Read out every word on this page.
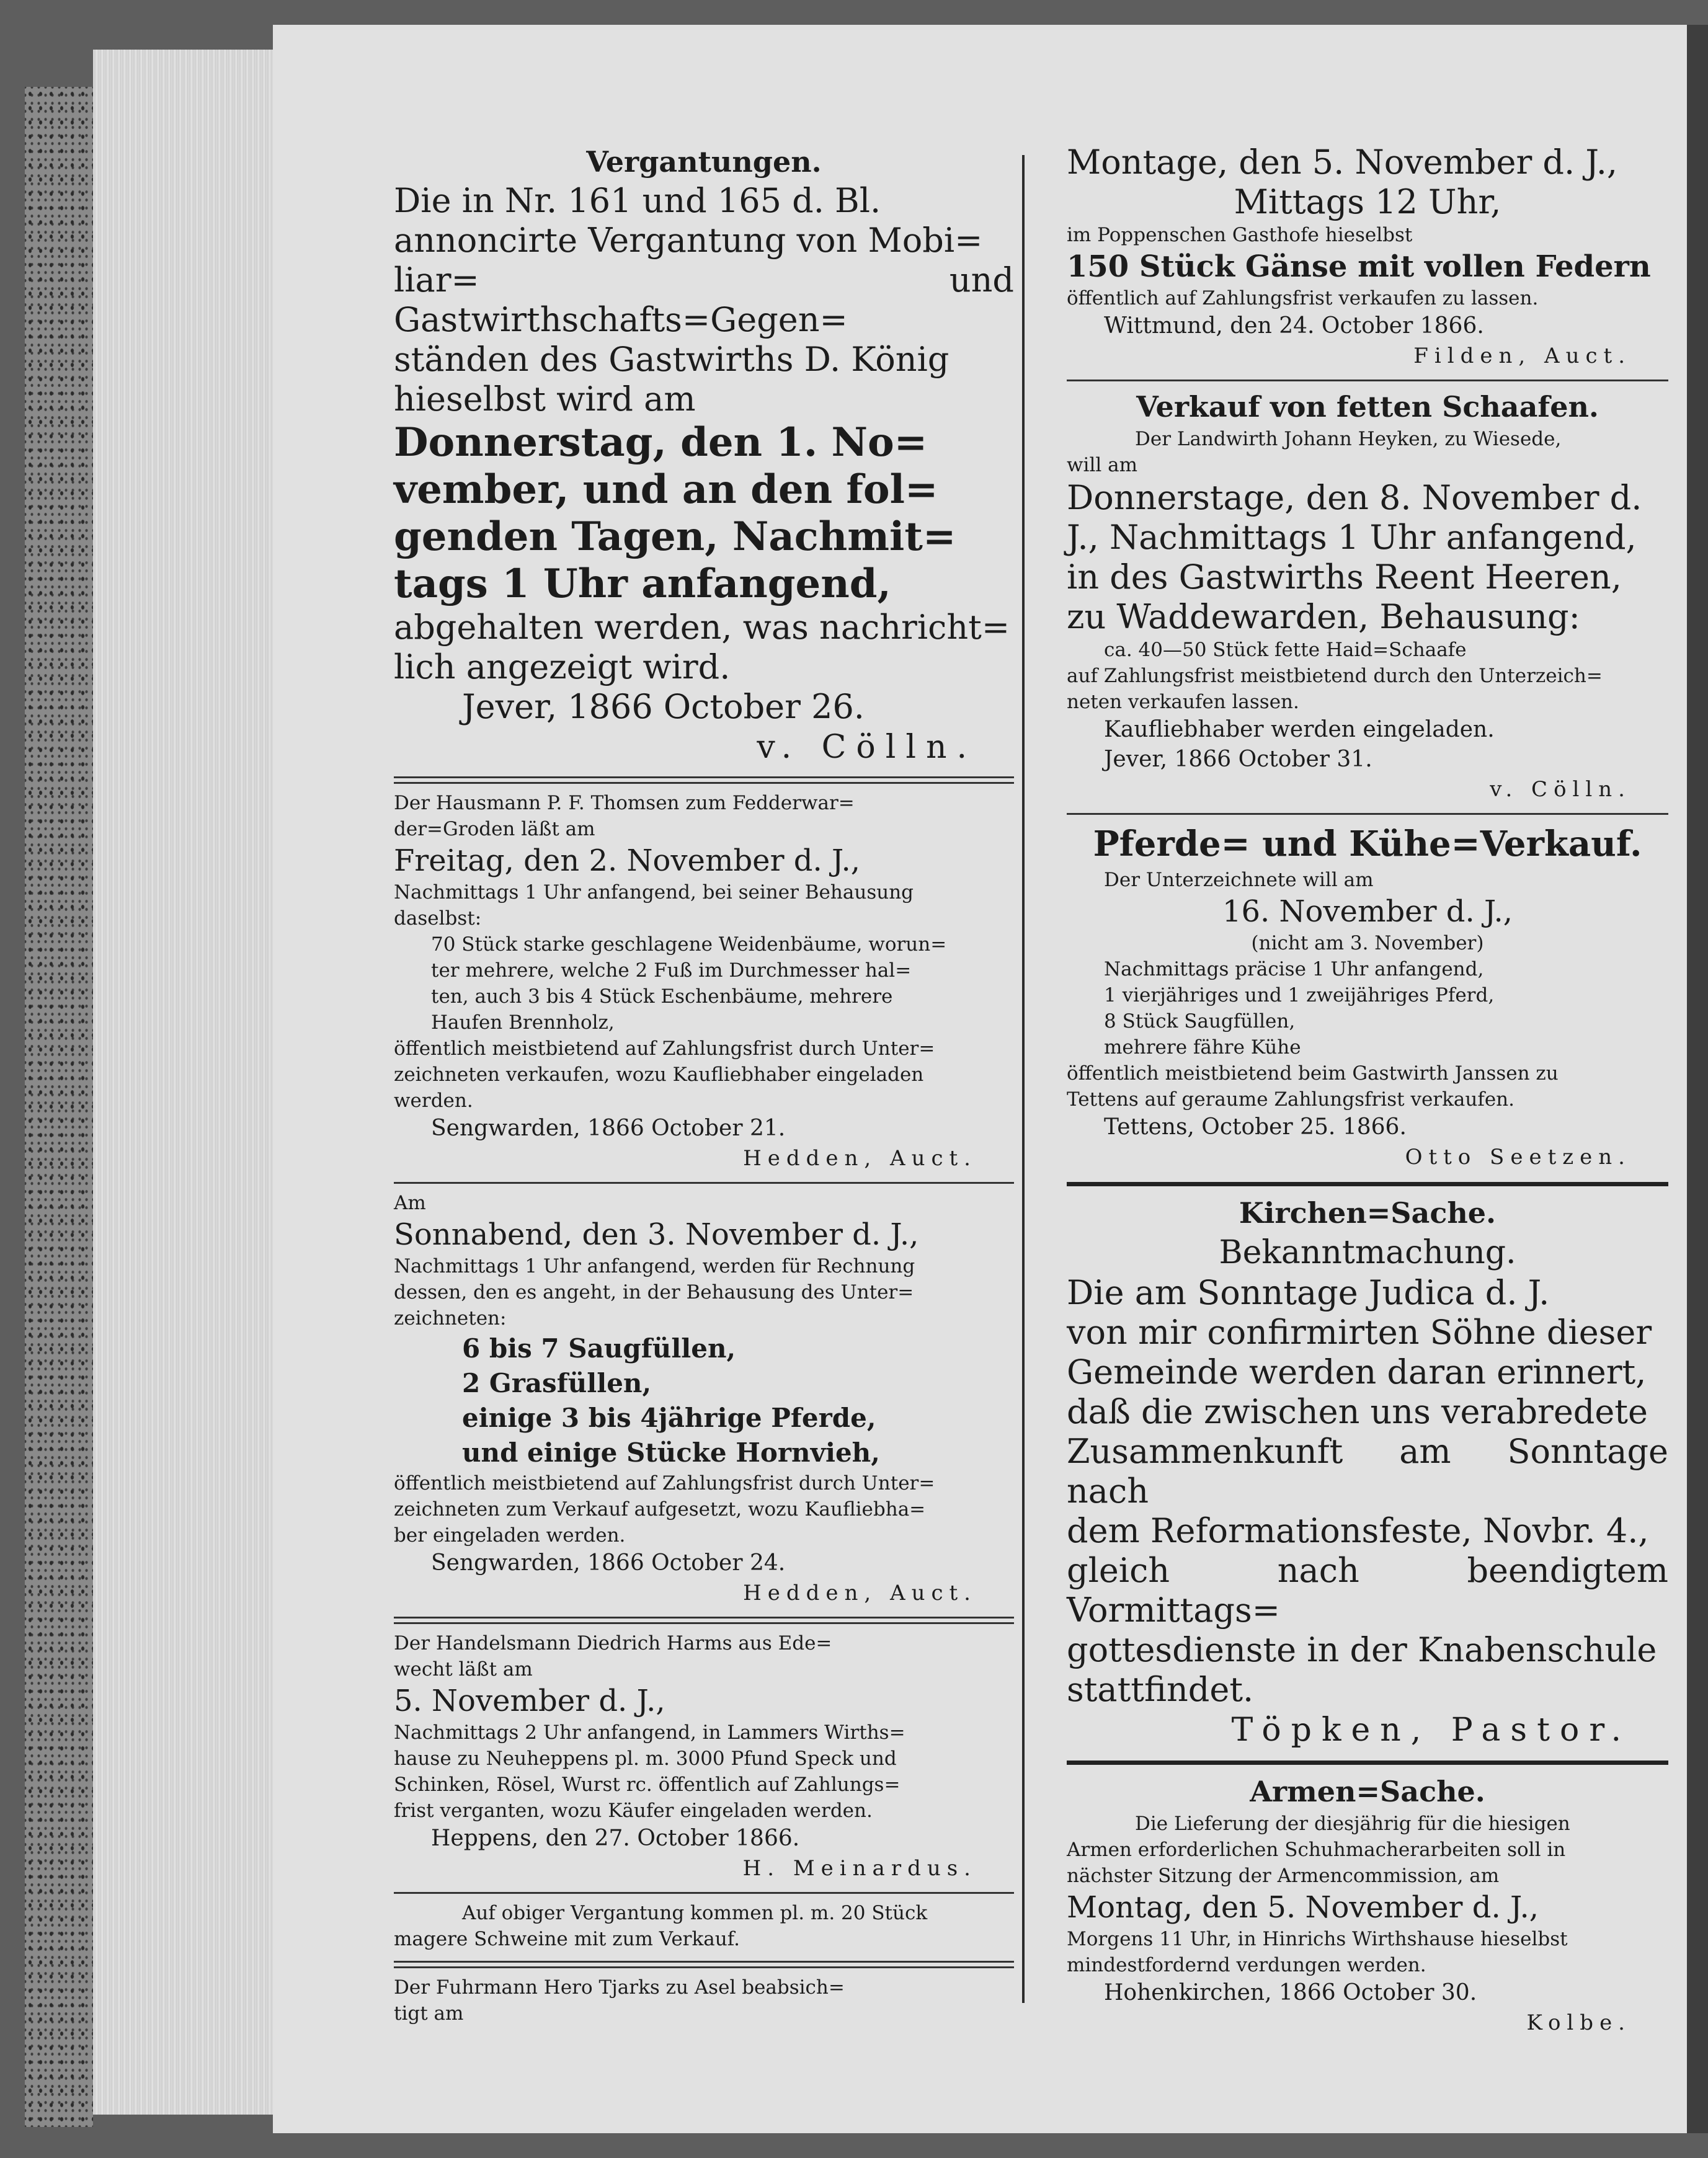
Vergantungen.

Die in Nr. 161 und 165 d. Bl.

annoncirte Vergantung von Mobi=

liar= und Gastwirthschafts=Gegen=

ständen des Gastwirths D. König

hieselbst wird am

Donnerstag, den 1. No=

vember, und an den fol=

genden Tagen, Nachmit=

tags 1 Uhr anfangend,

abgehalten werden, was nachricht=

lich angezeigt wird.

Jever, 1866 October 26.

v. Cölln.

Der Hausmann P. F. Thomsen zum Fedderwar=

der=Groden läßt am

Freitag, den 2. November d. J.,

Nachmittags 1 Uhr anfangend, bei seiner Behausung

daselbst:

70 Stück starke geschlagene Weidenbäume, worun=

ter mehrere, welche 2 Fuß im Durchmesser hal=

ten, auch 3 bis 4 Stück Eschenbäume, mehrere

Haufen Brennholz,

öffentlich meistbietend auf Zahlungsfrist durch Unter=

zeichneten verkaufen, wozu Kaufliebhaber eingeladen

werden.

Sengwarden, 1866 October 21.

Hedden, Auct.

Am

Sonnabend, den 3. November d. J.,

Nachmittags 1 Uhr anfangend, werden für Rechnung

dessen, den es angeht, in der Behausung des Unter=

zeichneten:

6 bis 7 Saugfüllen,

2 Grasfüllen,

einige 3 bis 4jährige Pferde,

und einige Stücke Hornvieh,

öffentlich meistbietend auf Zahlungsfrist durch Unter=

zeichneten zum Verkauf aufgesetzt, wozu Kaufliebha=

ber eingeladen werden.

Sengwarden, 1866 October 24.

Hedden, Auct.

Der Handelsmann Diedrich Harms aus Ede=

wecht läßt am

5. November d. J.,

Nachmittags 2 Uhr anfangend, in Lammers Wirths=

hause zu Neuheppens pl. m. 3000 Pfund Speck und

Schinken, Rösel, Wurst rc. öffentlich auf Zahlungs=

frist verganten, wozu Käufer eingeladen werden.

Heppens, den 27. October 1866.

H. Meinardus.

Auf obiger Vergantung kommen pl. m. 20 Stück

magere Schweine mit zum Verkauf.

Der Fuhrmann Hero Tjarks zu Asel beabsich=

tigt am

Montage, den 5. November d. J.,

Mittags 12 Uhr,

im Poppenschen Gasthofe hieselbst

150 Stück Gänse mit vollen Federn

öffentlich auf Zahlungsfrist verkaufen zu lassen.

Wittmund, den 24. October 1866.

Filden, Auct.

Verkauf von fetten Schaafen.

Der Landwirth Johann Heyken, zu Wiesede,

will am

Donnerstage, den 8. November d.

J., Nachmittags 1 Uhr anfangend,

in des Gastwirths Reent Heeren,

zu Waddewarden, Behausung:

ca. 40—50 Stück fette Haid=Schaafe

auf Zahlungsfrist meistbietend durch den Unterzeich=

neten verkaufen lassen.

Kaufliebhaber werden eingeladen.

Jever, 1866 October 31.

v. Cölln.

Pferde= und Kühe=Verkauf.

Der Unterzeichnete will am

16. November d. J.,

(nicht am 3. November)

Nachmittags präcise 1 Uhr anfangend,

1 vierjähriges und 1 zweijähriges Pferd,

8 Stück Saugfüllen,

mehrere fähre Kühe

öffentlich meistbietend beim Gastwirth Janssen zu

Tettens auf geraume Zahlungsfrist verkaufen.

Tettens, October 25. 1866.

Otto Seetzen.

Kirchen=Sache.

Bekanntmachung.

Die am Sonntage Judica d. J.

von mir confirmirten Söhne dieser

Gemeinde werden daran erinnert,

daß die zwischen uns verabredete

Zusammenkunft am Sonntage nach

dem Reformationsfeste, Novbr. 4.,

gleich nach beendigtem Vormittags=

gottesdienste in der Knabenschule

stattfindet.

Töpken, Pastor.

Armen=Sache.

Die Lieferung der diesjährig für die hiesigen

Armen erforderlichen Schuhmacherarbeiten soll in

nächster Sitzung der Armencommission, am

Montag, den 5. November d. J.,

Morgens 11 Uhr, in Hinrichs Wirthshause hieselbst

mindestfordernd verdungen werden.

Hohenkirchen, 1866 October 30.

Kolbe.
